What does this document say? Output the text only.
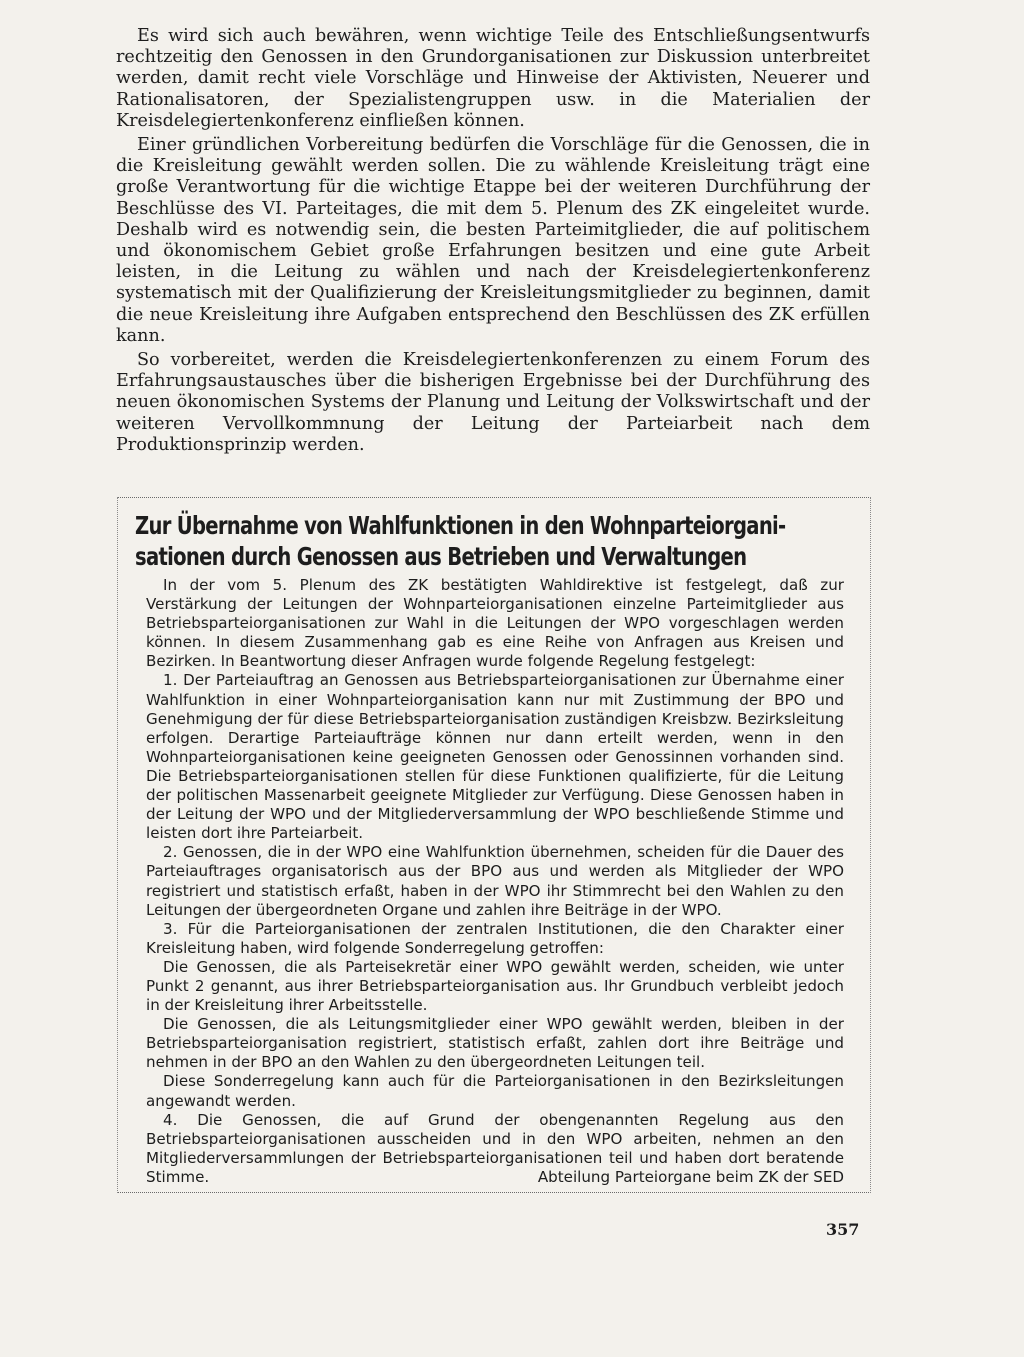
Es wird sich auch bewähren, wenn wichtige Teile des Entschließungsentwurfs rechtzeitig den Genossen in den Grundorganisationen zur Diskussion unterbreitet werden, damit recht viele Vorschläge und Hinweise der Aktivisten, Neuerer und Rationalisatoren, der Spezialistengruppen usw. in die Materialien der Kreisdelegiertenkonferenz einfließen können.

Einer gründlichen Vorbereitung bedürfen die Vorschläge für die Genossen, die in die Kreisleitung gewählt werden sollen. Die zu wählende Kreisleitung trägt eine große Verantwortung für die wichtige Etappe bei der weiteren Durchführung der Beschlüsse des VI. Parteitages, die mit dem 5. Plenum des ZK eingeleitet wurde. Deshalb wird es notwendig sein, die besten Parteimitglieder, die auf politischem und ökonomischem Gebiet große Erfahrungen besitzen und eine gute Arbeit leisten, in die Leitung zu wählen und nach der Kreisdelegiertenkonferenz systematisch mit der Qualifizierung der Kreisleitungsmitglieder zu beginnen, damit die neue Kreisleitung ihre Aufgaben entsprechend den Beschlüssen des ZK erfüllen kann.

So vorbereitet, werden die Kreisdelegiertenkonferenzen zu einem Forum des Erfahrungsaustausches über die bisherigen Ergebnisse bei der Durchführung des neuen ökonomischen Systems der Planung und Leitung der Volkswirtschaft und der weiteren Vervollkommnung der Leitung der Parteiarbeit nach dem Produktionsprinzip werden.

Zur Übernahme von Wahlfunktionen in den Wohnparteiorgani-
sationen durch Genossen aus Betrieben und Verwaltungen

In der vom 5. Plenum des ZK bestätigten Wahldirektive ist festgelegt, daß zur Verstärkung der Leitungen der Wohnparteiorganisationen einzelne Parteimitglieder aus Betriebsparteiorganisationen zur Wahl in die Leitungen der WPO vorgeschlagen werden können. In diesem Zusammenhang gab es eine Reihe von Anfragen aus Kreisen und Bezirken. In Beantwortung dieser Anfragen wurde folgende Regelung festgelegt:

1. Der Parteiauftrag an Genossen aus Betriebsparteiorganisationen zur Übernahme einer Wahlfunktion in einer Wohnparteiorganisation kann nur mit Zustimmung der BPO und Genehmigung der für diese Betriebsparteiorganisation zuständigen Kreisbzw. Bezirksleitung erfolgen. Derartige Parteiaufträge können nur dann erteilt werden, wenn in den Wohnparteiorganisationen keine geeigneten Genossen oder Genossinnen vorhanden sind. Die Betriebsparteiorganisationen stellen für diese Funktionen qualifizierte, für die Leitung der politischen Massenarbeit geeignete Mitglieder zur Verfügung. Diese Genossen haben in der Leitung der WPO und der Mitgliederversammlung der WPO beschließende Stimme und leisten dort ihre Parteiarbeit.

2. Genossen, die in der WPO eine Wahlfunktion übernehmen, scheiden für die Dauer des Parteiauftrages organisatorisch aus der BPO aus und werden als Mitglieder der WPO registriert und statistisch erfaßt, haben in der WPO ihr Stimmrecht bei den Wahlen zu den Leitungen der übergeordneten Organe und zahlen ihre Beiträge in der WPO.

3. Für die Parteiorganisationen der zentralen Institutionen, die den Charakter einer Kreisleitung haben, wird folgende Sonderregelung getroffen:

Die Genossen, die als Parteisekretär einer WPO gewählt werden, scheiden, wie unter Punkt 2 genannt, aus ihrer Betriebsparteiorganisation aus. Ihr Grundbuch verbleibt jedoch in der Kreisleitung ihrer Arbeitsstelle.

Die Genossen, die als Leitungsmitglieder einer WPO gewählt werden, bleiben in der Betriebsparteiorganisation registriert, statistisch erfaßt, zahlen dort ihre Beiträge und nehmen in der BPO an den Wahlen zu den übergeordneten Leitungen teil.

Diese Sonderregelung kann auch für die Parteiorganisationen in den Bezirksleitungen angewandt werden.

4. Die Genossen, die auf Grund der obengenannten Regelung aus den Betriebsparteiorganisationen ausscheiden und in den WPO arbeiten, nehmen an den Mitgliederversammlungen der Betriebsparteiorganisationen teil und haben dort beratende Stimme.	Abteilung Parteiorgane beim ZK der SED

357
